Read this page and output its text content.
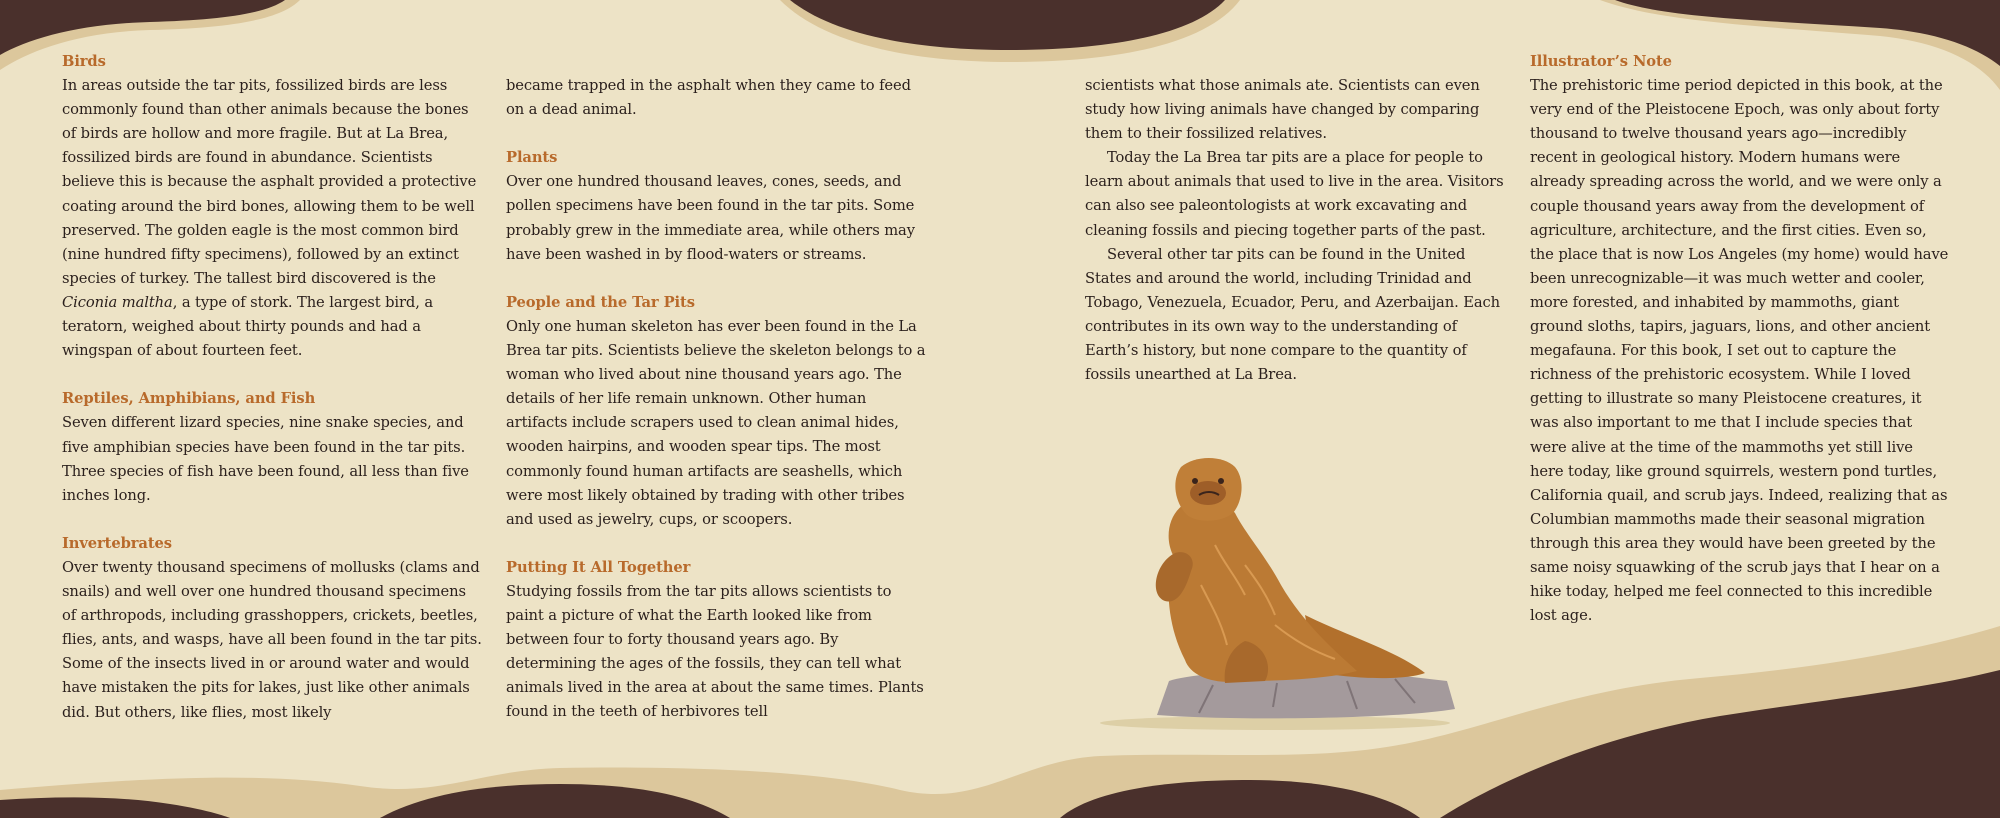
Birds

In areas outside the tar pits, fossilized birds are less commonly found than other animals because the bones of birds are hollow and more fragile. But at La Brea, fossilized birds are found in abundance. Scientists believe this is because the asphalt provided a protective coating around the bird bones, allowing them to be well preserved. The golden eagle is the most common bird (nine hundred fifty specimens), followed by an extinct species of turkey. The tallest bird discovered is the Ciconia maltha, a type of stork. The largest bird, a teratorn, weighed about thirty pounds and had a wingspan of about fourteen feet.

Reptiles, Amphibians, and Fish

Seven different lizard species, nine snake species, and five amphibian species have been found in the tar pits. Three species of fish have been found, all less than five inches long.

Invertebrates

Over twenty thousand specimens of mollusks (clams and snails) and well over one hundred thousand specimens of arthropods, including grasshoppers, crickets, beetles, flies, ants, and wasps, have all been found in the tar pits. Some of the insects lived in or around water and would have mistaken the pits for lakes, just like other animals did. But others, like flies, most likely

became trapped in the asphalt when they came to feed on a dead animal.

Plants

Over one hundred thousand leaves, cones, seeds, and pollen specimens have been found in the tar pits. Some probably grew in the immediate area, while others may have been washed in by flood-waters or streams.

People and the Tar Pits

Only one human skeleton has ever been found in the La Brea tar pits. Scientists believe the skeleton belongs to a woman who lived about nine thousand years ago. The details of her life remain unknown. Other human artifacts include scrapers used to clean animal hides, wooden hairpins, and wooden spear tips. The most commonly found human artifacts are seashells, which were most likely obtained by trading with other tribes and used as jewelry, cups, or scoopers.

Putting It All Together

Studying fossils from the tar pits allows scientists to paint a picture of what the Earth looked like from between four to forty thousand years ago. By determining the ages of the fossils, they can tell what animals lived in the area at about the same times. Plants found in the teeth of herbivores tell

scientists what those animals ate. Scientists can even study how living animals have changed by comparing them to their fossilized relatives.

Today the La Brea tar pits are a place for people to learn about animals that used to live in the area. Visitors can also see paleontologists at work excavating and cleaning fossils and piecing together parts of the past.

Several other tar pits can be found in the United States and around the world, including Trinidad and Tobago, Venezuela, Ecuador, Peru, and Azerbaijan. Each contributes in its own way to the understanding of Earth’s history, but none compare to the quantity of fossils unearthed at La Brea.

Illustrator’s Note

The prehistoric time period depicted in this book, at the very end of the Pleistocene Epoch, was only about forty thousand to twelve thousand years ago—incredibly recent in geological history. Modern humans were already spreading across the world, and we were only a couple thousand years away from the development of agriculture, architecture, and the first cities. Even so, the place that is now Los Angeles (my home) would have been unrecognizable—it was much wetter and cooler, more forested, and inhabited by mammoths, giant ground sloths, tapirs, jaguars, lions, and other ancient megafauna. For this book, I set out to capture the richness of the prehistoric ecosystem. While I loved getting to illustrate so many Pleistocene creatures, it was also important to me that I include species that were alive at the time of the mammoths yet still live here today, like ground squirrels, western pond turtles, California quail, and scrub jays. Indeed, realizing that as Columbian mammoths made their seasonal migration through this area they would have been greeted by the same noisy squawking of the scrub jays that I hear on a hike today, helped me feel connected to this incredible lost age.
